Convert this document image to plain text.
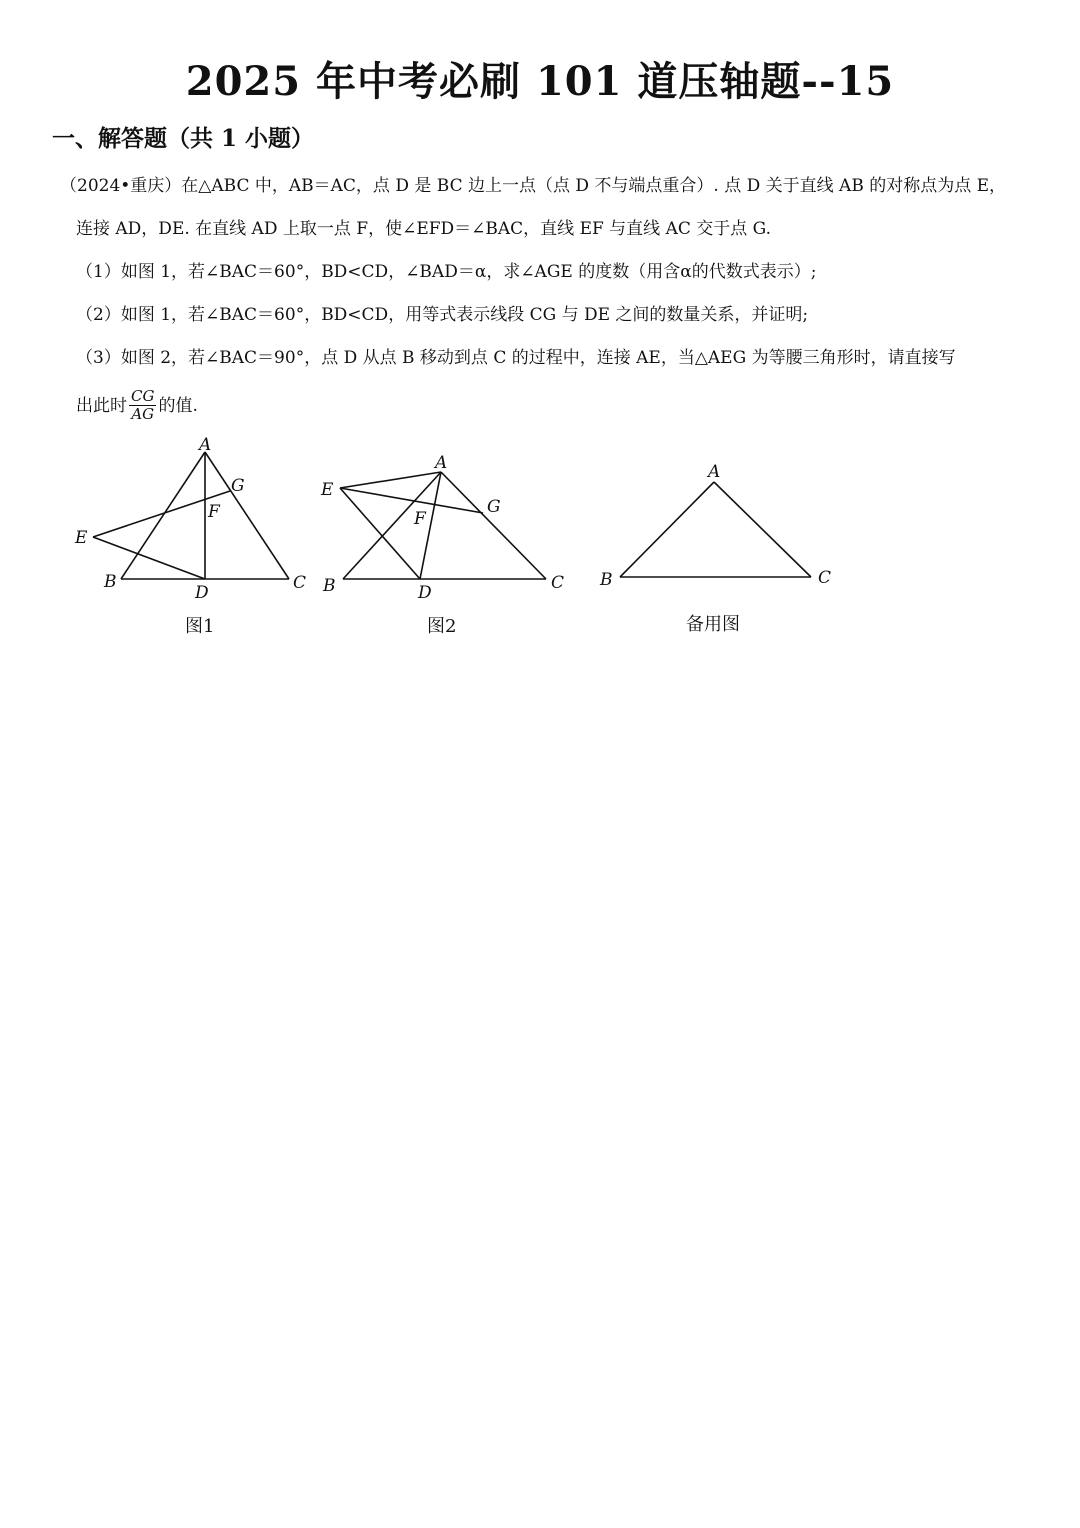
2025 年中考必刷 101 道压轴题--15
一、解答题（共 1 小题）
（2024•重庆）在△ABC 中，AB＝AC，点 D 是 BC 边上一点（点 D 不与端点重合）. 点 D 关于直线 AB 的对称点为点 E，
连接 AD，DE. 在直线 AD 上取一点 F，使∠EFD＝∠BAC，直线 EF 与直线 AC 交于点 G.
（1）如图 1，若∠BAC＝60°，BD<CD，∠BAD＝α，求∠AGE 的度数（用含α的代数式表示）;
（2）如图 1，若∠BAC＝60°，BD<CD，用等式表示线段 CG 与 DE 之间的数量关系，并证明;
（3）如图 2，若∠BAC＝90°，点 D 从点 B 移动到点 C 的过程中，连接 AE，当△AEG 为等腰三角形时，请直接写
出此时 $\frac{CG}{AG}$ 的值.
A
G
F
E
B
D	C
图1
A
E
G
F
B	D	C
图2
A
B	C
备用图
